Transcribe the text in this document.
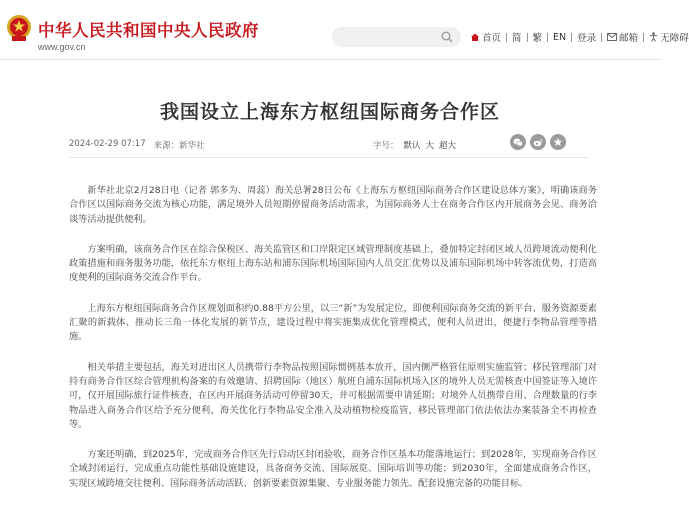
中华人民共和国中央人民政府
www.gov.cn
首页 简 繁 EN 登录 邮箱 无障碍
我国设立上海东方枢纽国际商务合作区
2024-02-29 07:17 来源：新华社	字号： 默认 大 超大

新华社北京2月28日电（记者 郭多为、周蕊）海关总署28日公布《上海东方枢纽国际商务合作区建设总体方案》，明确该商务合作区以国际商务交流为核心功能，满足境外人员短期停留商务活动需求，为国际商务人士在商务合作区内开展商务会见、商务洽谈等活动提供便利。

方案明确，该商务合作区在综合保税区、海关监管区和口岸限定区域管理制度基础上，叠加特定封闭区域人员跨境流动便利化政策措施和商务服务功能，依托东方枢纽上海东站和浦东国际机场国际国内人员交汇优势以及浦东国际机场中转客流优势，打造高度便利的国际商务交流合作平台。

上海东方枢纽国际商务合作区规划面积约0.88平方公里，以三“新”为发展定位，即便利国际商务交流的新平台、服务资源要素汇聚的新载体、推动长三角一体化发展的新节点，建设过程中将实施集成优化管理模式，便利人员进出，便捷行李物品管理等措施。

相关举措主要包括，海关对进出区人员携带行李物品按照国际惯例基本放开，国内侧严格管住原则实施监管；移民管理部门对持有商务合作区综合管理机构备案的有效邀请、招聘国际（地区）航班自浦东国际机场入区的境外人员无需核查中国签证等入境许可，仅开展国际旅行证件核查，在区内开展商务活动可停留30天，并可根据需要申请延期；对境外人员携带自用、合理数量的行李物品进入商务合作区给予充分便利，海关优化行李物品安全准入及动植物检疫监管，移民管理部门依法依法办案装备全不再检查等。

方案还明确，到2025年，完成商务合作区先行启动区封闭验收，商务合作区基本功能落地运行；到2028年，实现商务合作区全域封闭运行，完成重点功能性基础设施建设，具备商务交流、国际展览、国际培训等功能；到2030年，全面建成商务合作区，实现区域跨境交往便利、国际商务活动活跃、创新要素资源集聚、专业服务能力领先、配套设施完备的功能目标。
